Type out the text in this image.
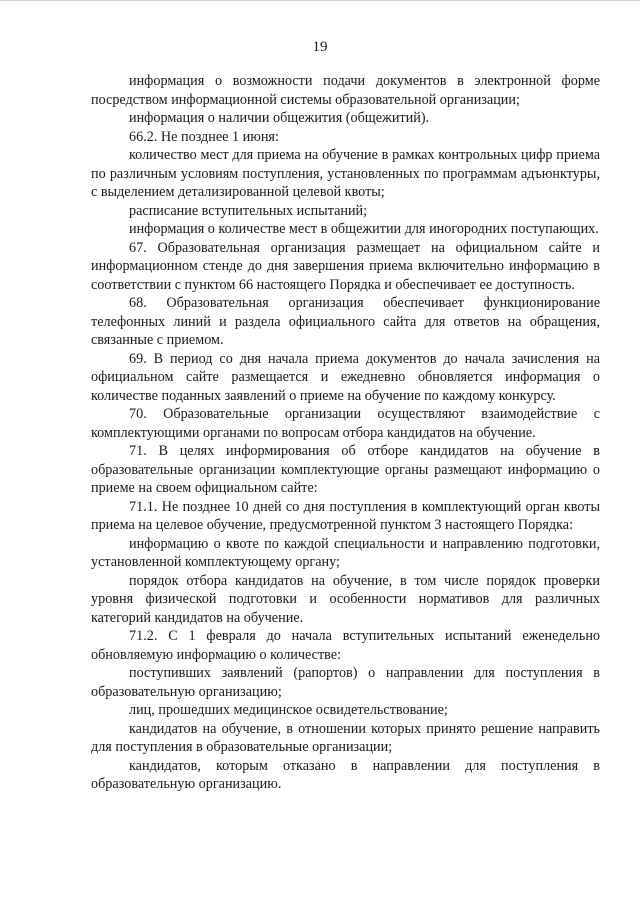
19

информация о возможности подачи документов в электронной форме посредством информационной системы образовательной организации;

информация о наличии общежития (общежитий).

66.2. Не позднее 1 июня:

количество мест для приема на обучение в рамках контрольных цифр приема по различным условиям поступления, установленных по программам адъюнктуры, с выделением детализированной целевой квоты;

расписание вступительных испытаний;

информация о количестве мест в общежитии для иногородних поступающих.

67. Образовательная организация размещает на официальном сайте и информационном стенде до дня завершения приема включительно информацию в соответствии с пунктом 66 настоящего Порядка и обеспечивает ее доступность.

68. Образовательная организация обеспечивает функционирование телефонных линий и раздела официального сайта для ответов на обращения, связанные с приемом.

69. В период со дня начала приема документов до начала зачисления на официальном сайте размещается и ежедневно обновляется информация о количестве поданных заявлений о приеме на обучение по каждому конкурсу.

70. Образовательные организации осуществляют взаимодействие с комплектующими органами по вопросам отбора кандидатов на обучение.

71. В целях информирования об отборе кандидатов на обучение в образовательные организации комплектующие органы размещают информацию о приеме на своем официальном сайте:

71.1. Не позднее 10 дней со дня поступления в комплектующий орган квоты приема на целевое обучение, предусмотренной пунктом 3 настоящего Порядка:

информацию о квоте по каждой специальности и направлению подготовки, установленной комплектующему органу;

порядок отбора кандидатов на обучение, в том числе порядок проверки уровня физической подготовки и особенности нормативов для различных категорий кандидатов на обучение.

71.2. С 1 февраля до начала вступительных испытаний еженедельно обновляемую информацию о количестве:

поступивших заявлений (рапортов) о направлении для поступления в образовательную организацию;

лиц, прошедших медицинское освидетельствование;

кандидатов на обучение, в отношении которых принято решение направить для поступления в образовательные организации;

кандидатов, которым отказано в направлении для поступления в образовательную организацию.
